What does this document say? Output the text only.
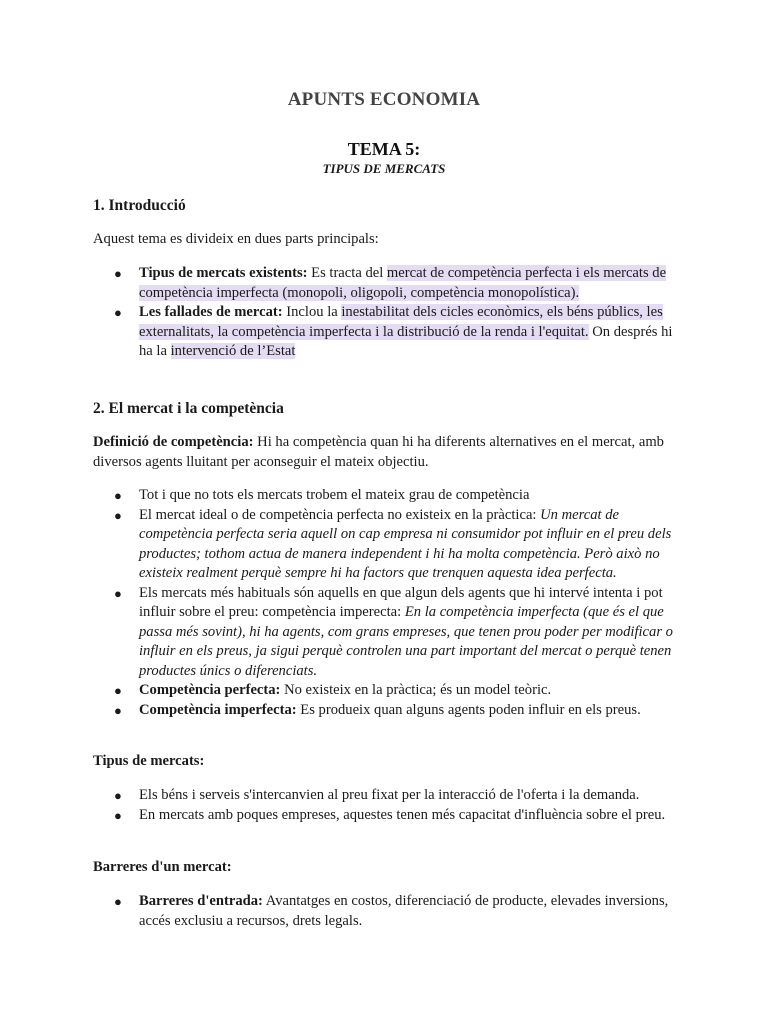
APUNTS ECONOMIA
TEMA 5:
TIPUS DE MERCATS
1. Introducció
Aquest tema es divideix en dues parts principals:
● Tipus de mercats existents: Es tracta del mercat de competència perfecta i els mercats de competència imperfecta (monopoli, oligopoli, competència monopolística).
● Les fallades de mercat: Inclou la inestabilitat dels cicles econòmics, els béns públics, les externalitats, la competència imperfecta i la distribució de la renda i l'equitat. On després hi ha la intervenció de l’Estat
2. El mercat i la competència
Definició de competència: Hi ha competència quan hi ha diferents alternatives en el mercat, amb diversos agents lluitant per aconseguir el mateix objectiu.
● Tot i que no tots els mercats trobem el mateix grau de competència
● El mercat ideal o de competència perfecta no existeix en la pràctica: Un mercat de competència perfecta seria aquell on cap empresa ni consumidor pot influir en el preu dels productes; tothom actua de manera independent i hi ha molta competència. Però això no existeix realment perquè sempre hi ha factors que trenquen aquesta idea perfecta.
● Els mercats més habituals són aquells en que algun dels agents que hi intervé intenta i pot influir sobre el preu: competència imperecta: En la competència imperfecta (que és el que passa més sovint), hi ha agents, com grans empreses, que tenen prou poder per modificar o influir en els preus, ja sigui perquè controlen una part important del mercat o perquè tenen productes únics o diferenciats.
● Competència perfecta: No existeix en la pràctica; és un model teòric.
● Competència imperfecta: Es produeix quan alguns agents poden influir en els preus.
Tipus de mercats:
● Els béns i serveis s'intercanvien al preu fixat per la interacció de l'oferta i la demanda.
● En mercats amb poques empreses, aquestes tenen més capacitat d'influència sobre el preu.
Barreres d'un mercat:
● Barreres d'entrada: Avantatges en costos, diferenciació de producte, elevades inversions, accés exclusiu a recursos, drets legals.
